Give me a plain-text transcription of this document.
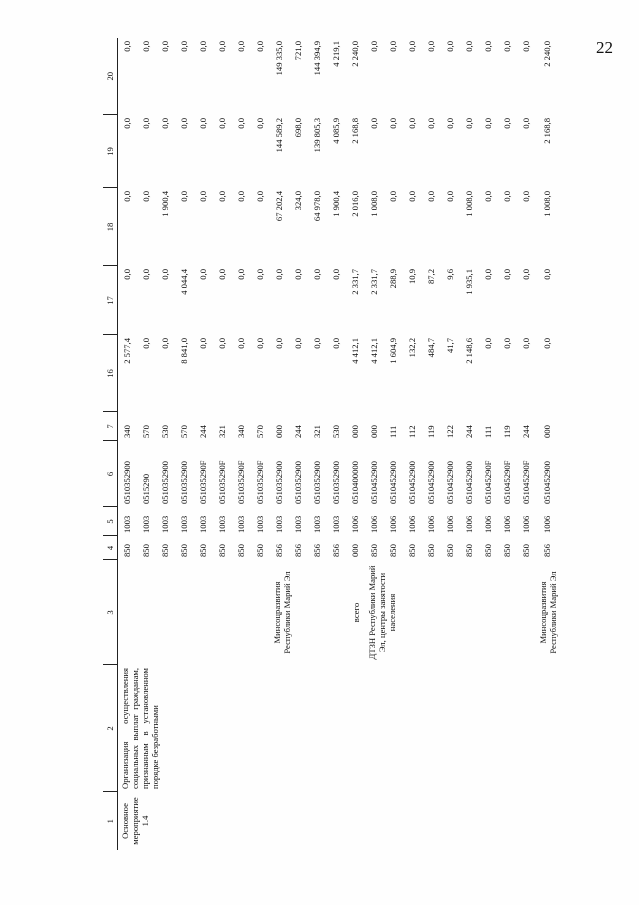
22
1	2	3	4	5	6	7	16	17	18	19	20
Основное мероприятие 1.4	Организация осуществления социальных выплат гражданам, признанным в установленном порядке безработными		850	1003	0510352900	340	2 577,4	0,0	0,0	0,0	0,0
			850	1003	0515290	570	0,0	0,0	0,0	0,0	0,0
			850	1003	0510352900	530	0,0	0,0	1 900,4	0,0	0,0
			850	1003	0510352900	570	8 841,0	4 044,4	0,0	0,0	0,0
			850	1003	051035290F	244	0,0	0,0	0,0	0,0	0,0
			850	1003	051035290F	321	0,0	0,0	0,0	0,0	0,0
			850	1003	051035290F	340	0,0	0,0	0,0	0,0	0,0
			850	1003	051035290F	570	0,0	0,0	0,0	0,0	0,0
		Минсоцразвития Республики Марий Эл	856	1003	0510352900	000	0,0	0,0	67 202,4	144 589,2	149 335,0
			856	1003	0510352900	244	0,0	0,0	324,0	698,0	721,0
			856	1003	0510352900	321	0,0	0,0	64 978,0	139 805,3	144 394,9
			856	1003	0510352900	530	0,0	0,0	1 900,4	4 085,9	4 219,1
		всего	000	1006	0510400000	000	4 412,1	2 331,7	2 016,0	2 168,8	2 240,0
		ДТЗН Республики Марий Эл, центры занятости населения	850	1006	0510452900	000	4 412,1	2 331,7	1 008,0	0,0	0,0
			850	1006	0510452900	111	1 604,9	288,9	0,0	0,0	0,0
			850	1006	0510452900	112	132,2	10,9	0,0	0,0	0,0
			850	1006	0510452900	119	484,7	87,2	0,0	0,0	0,0
			850	1006	0510452900	122	41,7	9,6	0,0	0,0	0,0
			850	1006	0510452900	244	2 148,6	1 935,1	1 008,0	0,0	0,0
			850	1006	051045290F	111	0,0	0,0	0,0	0,0	0,0
			850	1006	051045290F	119	0,0	0,0	0,0	0,0	0,0
			850	1006	051045290F	244	0,0	0,0	0,0	0,0	0,0
		Минсоцразвития Республики Марий Эл	856	1006	0510452900	000	0,0	0,0	1 008,0	2 168,8	2 240,0
